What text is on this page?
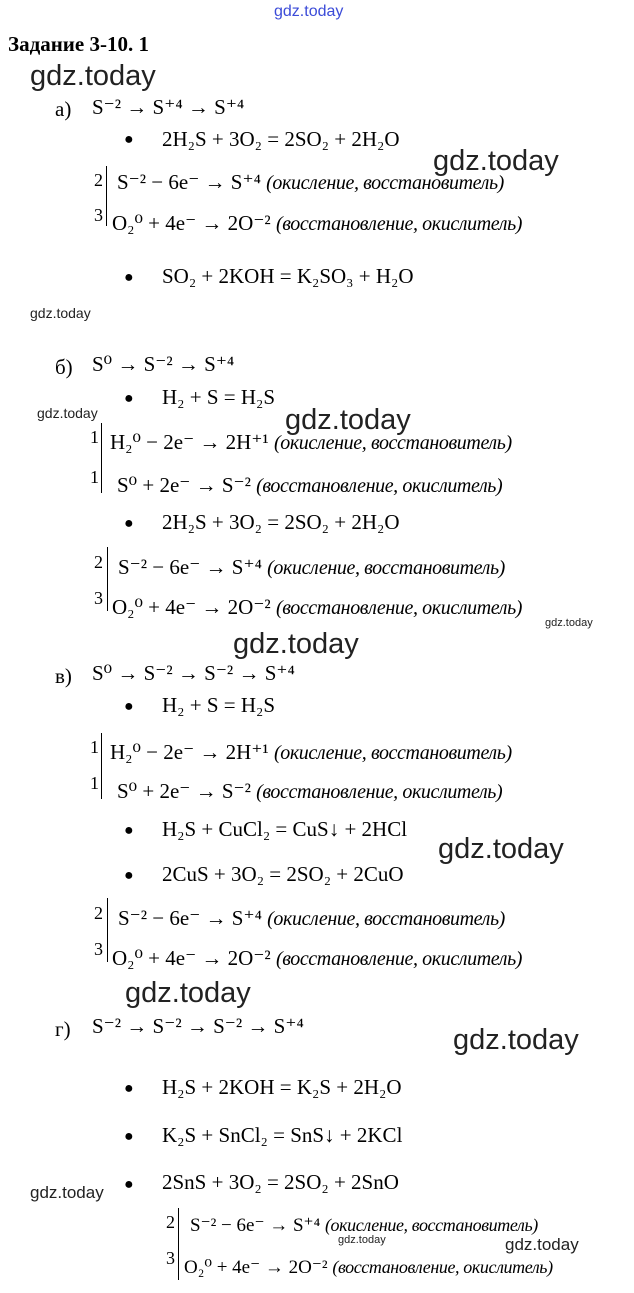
gdz.today
gdz.today
gdz.today
gdz.today
gdz.today	gdz.today
gdz.today
gdz.today
gdz.today
gdz.today
gdz.today
gdz.today
gdz.today	gdz.today
Задание 3-10. 1
а) S⁻² → S⁺⁴ → S⁺⁴
● 2H₂S + 3O₂ = 2SO₂ + 2H₂O
2 S⁻² − 6e⁻ → S⁺⁴ (окисление, восстановитель)
3 O₂⁰ + 4e⁻ → 2O⁻² (восстановление, окислитель)
● SO₂ + 2KOH = K₂SO₃ + H₂O
б) S⁰ → S⁻² → S⁺⁴
● H₂ + S = H₂S
1 H₂⁰ − 2e⁻ → 2H⁺¹ (окисление, восстановитель)
1 S⁰ + 2e⁻ → S⁻² (восстановление, окислитель)
● 2H₂S + 3O₂ = 2SO₂ + 2H₂O
2 S⁻² − 6e⁻ → S⁺⁴ (окисление, восстановитель)
3 O₂⁰ + 4e⁻ → 2O⁻² (восстановление, окислитель)
в) S⁰ → S⁻² → S⁻² → S⁺⁴
● H₂ + S = H₂S
1 H₂⁰ − 2e⁻ → 2H⁺¹ (окисление, восстановитель)
1 S⁰ + 2e⁻ → S⁻² (восстановление, окислитель)
● H₂S + CuCl₂ = CuS↓ + 2HCl
● 2CuS + 3O₂ = 2SO₂ + 2CuO
2 S⁻² − 6e⁻ → S⁺⁴ (окисление, восстановитель)
3 O₂⁰ + 4e⁻ → 2O⁻² (восстановление, окислитель)
г) S⁻² → S⁻² → S⁻² → S⁺⁴
● H₂S + 2KOH = K₂S + 2H₂O
● K₂S + SnCl₂ = SnS↓ + 2KCl
● 2SnS + 3O₂ = 2SO₂ + 2SnO
2 S⁻² − 6e⁻ → S⁺⁴ (окисление, восстановитель)
3 O₂⁰ + 4e⁻ → 2O⁻² (восстановление, окислитель)
